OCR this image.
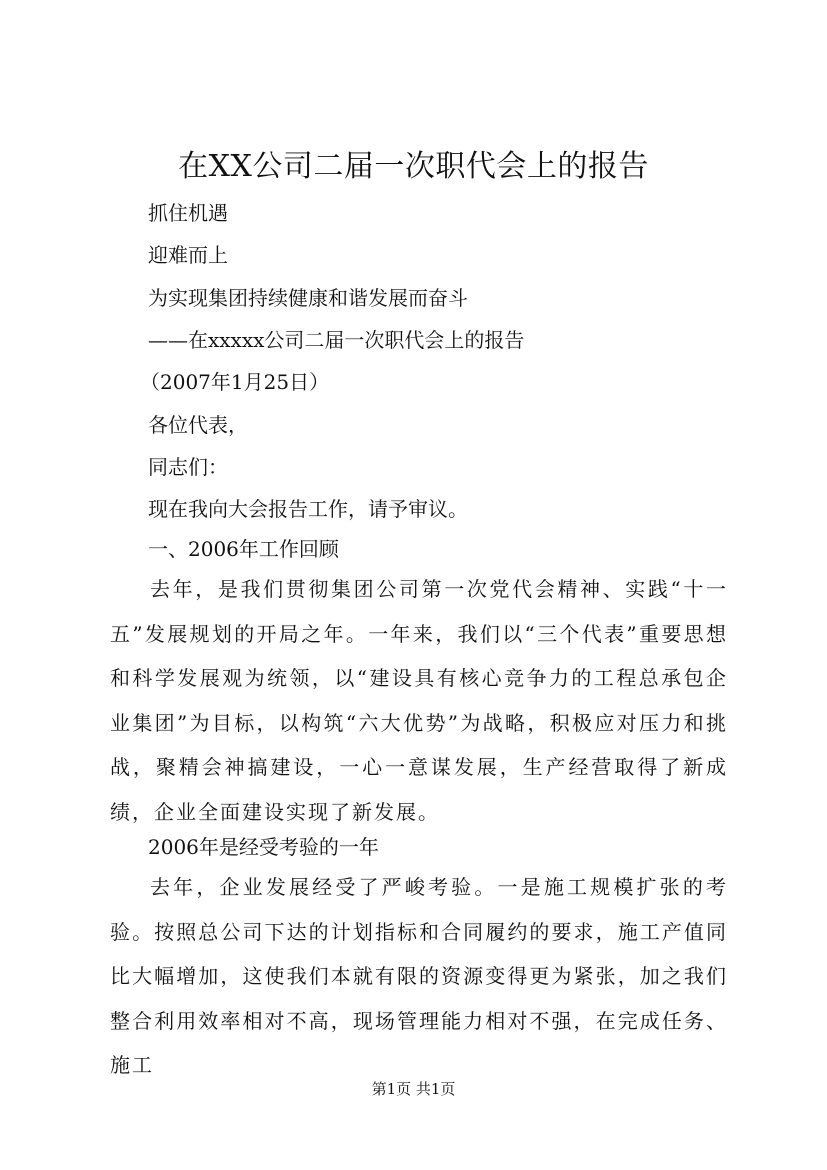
在XX公司二届一次职代会上的报告
抓住机遇
迎难而上
为实现集团持续健康和谐发展而奋斗
——在xxxxx公司二届一次职代会上的报告
（2007年1月25日）
各位代表，
同志们：
现在我向大会报告工作，请予审议。
一、2006年工作回顾
去年，是我们贯彻集团公司第一次党代会精神、实践“十一五”发展规划的开局之年。一年来，我们以“三个代表”重要思想和科学发展观为统领，以“建设具有核心竞争力的工程总承包企业集团”为目标，以构筑“六大优势”为战略，积极应对压力和挑战，聚精会神搞建设，一心一意谋发展，生产经营取得了新成绩，企业全面建设实现了新发展。
2006年是经受考验的一年
去年，企业发展经受了严峻考验。一是施工规模扩张的考验。按照总公司下达的计划指标和合同履约的要求，施工产值同比大幅增加，这使我们本就有限的资源变得更为紧张，加之我们整合利用效率相对不高，现场管理能力相对不强，在完成任务、施工
第1页 共1页
